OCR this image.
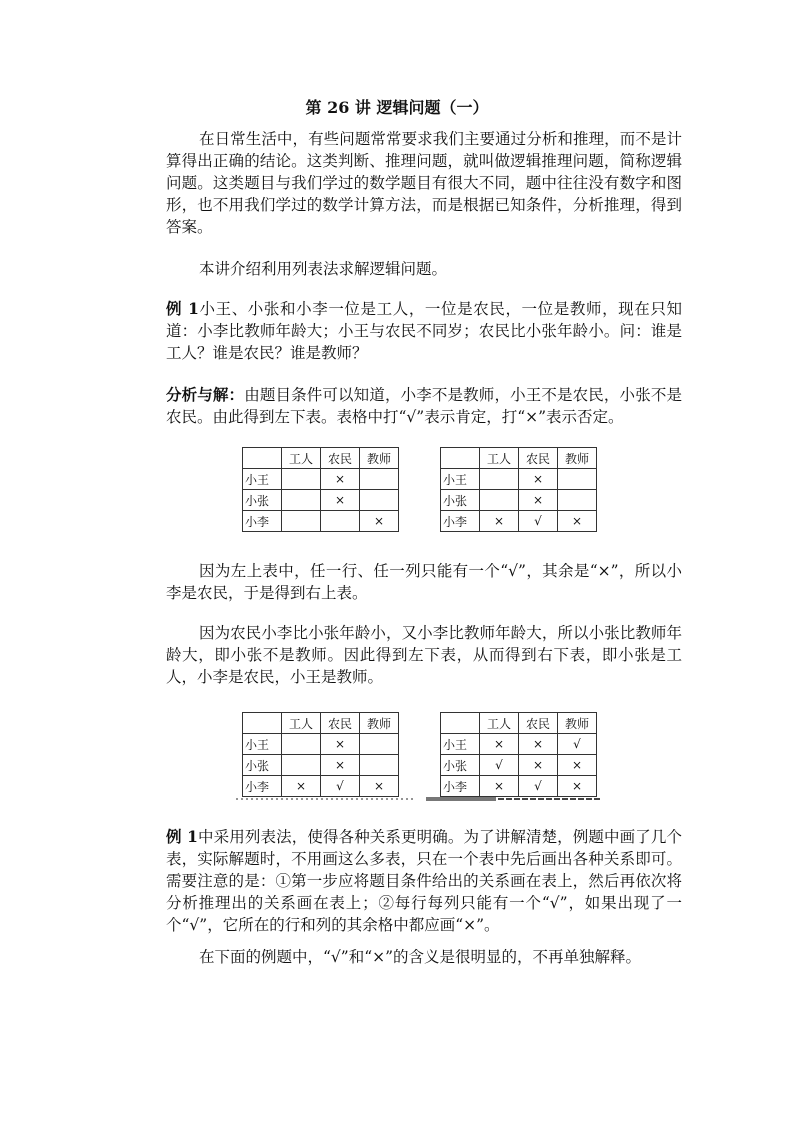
第 26 讲 逻辑问题（一）
在日常生活中，有些问题常常要求我们主要通过分析和推理，而不是计算得出正确的结论。这类判断、推理问题，就叫做逻辑推理问题，简称逻辑问题。这类题目与我们学过的数学题目有很大不同，题中往往没有数字和图形，也不用我们学过的数学计算方法，而是根据已知条件，分析推理，得到答案。
本讲介绍利用列表法求解逻辑问题。
例 1小王、小张和小李一位是工人，一位是农民，一位是教师，现在只知道：小李比教师年龄大；小王与农民不同岁；农民比小张年龄小。问：谁是工人？谁是农民？谁是教师？
分析与解：由题目条件可以知道，小李不是教师，小王不是农民，小张不是农民。由此得到左下表。表格中打“√”表示肯定，打“×”表示否定。
	工人	农民	教师
小王		×	
小张		×	
小李			×
	工人	农民	教师
小王		×	
小张		×	
小李	×	√	×
因为左上表中，任一行、任一列只能有一个“√”，其余是“×”，所以小李是农民，于是得到右上表。
因为农民小李比小张年龄小，又小李比教师年龄大，所以小张比教师年龄大，即小张不是教师。因此得到左下表，从而得到右下表，即小张是工人，小李是农民，小王是教师。
	工人	农民	教师
小王		×	
小张		×	
小李	×	√	×
	工人	农民	教师
小王	×	×	√
小张	√	×	×
小李	×	√	×
例 1中采用列表法，使得各种关系更明确。为了讲解清楚，例题中画了几个表，实际解题时，不用画这么多表，只在一个表中先后画出各种关系即可。需要注意的是：①第一步应将题目条件给出的关系画在表上，然后再依次将分析推理出的关系画在表上；②每行每列只能有一个“√”，如果出现了一个“√”，它所在的行和列的其余格中都应画“×”。
在下面的例题中，“√”和“×”的含义是很明显的，不再单独解释。
